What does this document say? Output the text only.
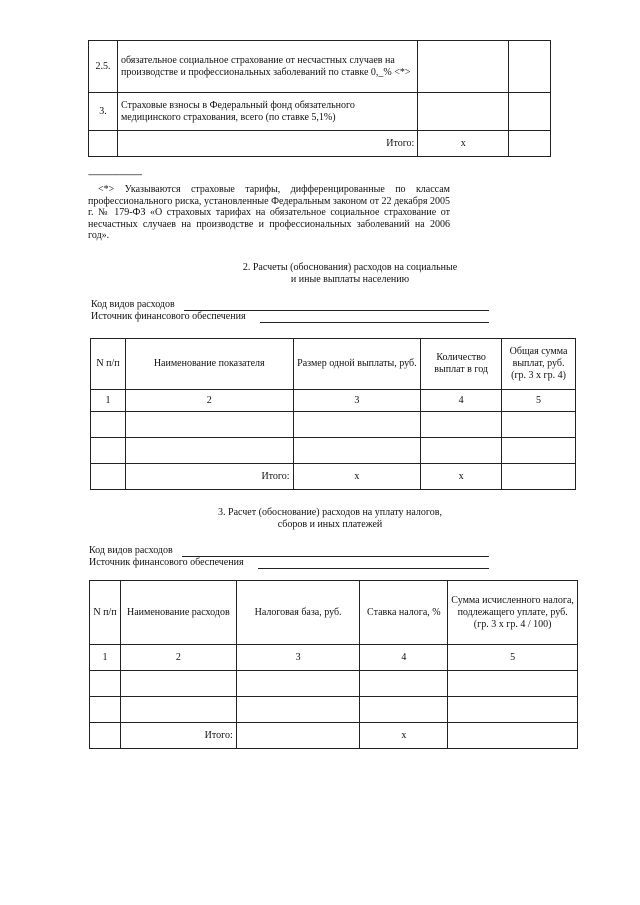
2.5.	обязательное социальное страхование от несчастных случаев на производстве и профессиональных заболеваний по ставке 0,_% <*>		
3.	Страховые взносы в Федеральный фонд обязательного медицинского страхования, всего (по ставке 5,1%)		
	Итого:	х	
--------------------------------
<*> Указываются страховые тарифы, дифференцированные по классам профессионального риска, установленные Федеральным законом от 22 декабря 2005 г. № 179-ФЗ «О страховых тарифах на обязательное социальное страхование от несчастных случаев на производстве и профессиональных заболеваний на 2006 год».
2. Расчеты (обоснования) расходов на социальные
и иные выплаты населению
Код видов расходов
Источник финансового обеспечения
N п/п	Наименование показателя	Размер одной выплаты, руб.	Количество выплат в год	Общая сумма выплат, руб. (гр. 3 х гр. 4)
1	2	3	4	5

	Итого:	х	х	
3. Расчет (обоснование) расходов на уплату налогов,
сборов и иных платежей
Код видов расходов
Источник финансового обеспечения
N п/п	Наименование расходов	Налоговая база, руб.	Ставка налога, %	Сумма исчисленного налога, подлежащего уплате, руб. (гр. 3 х гр. 4 / 100)
1	2	3	4	5

	Итого:		х	
